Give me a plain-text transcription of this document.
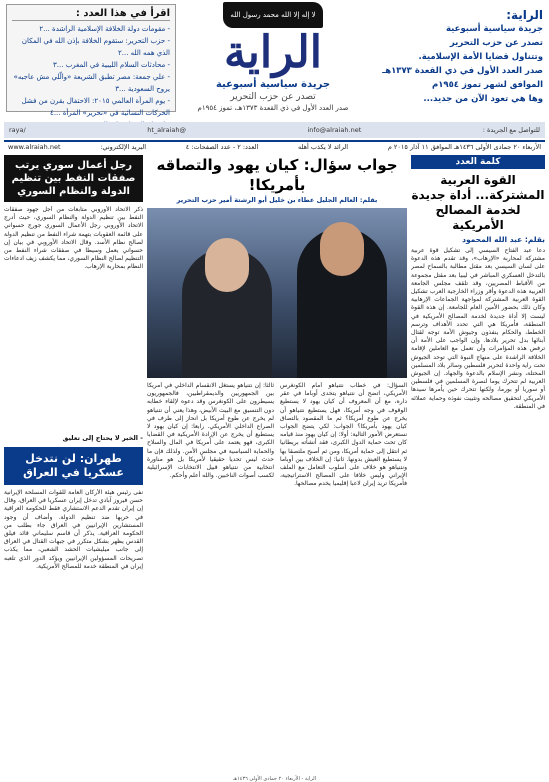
الراية:
جريدة سياسية أسبوعية
تصدر عن حزب التحرير
وتتناول قضايا الأمة الإسلامية.
صدر العدد الأول في ذي القعدة ١٣٧٣هـ
الموافق لشهر تموز ١٩٥٤م
وها هي تعود الآن من جديد...
لا إله إلا الله محمد رسول الله
الراية
جريدة سياسية أسبوعية
تصدر عن حزب التحرير
صدر العدد الأول في ذي القعدة ١٣٧٣هـ، تموز ١٩٥٤م
اقرأ في هذا العدد :
- مقومات دولة الخلافة الإسلامية الراشدة ...٢
- حزب التحرير: ستقوم الخلافة بإذن الله في المكان الذي همه الله ...٢
- محادثات السلام الليبية في المغرب ...٣
- علي جمعة: مصر تطبق الشريعة «والّلي مش عاجبه» يروح السعودية ...٣
- يوم المرأة العالمي ٢٠١٥: الاحتفال بقرن من فشل الحركات النسائية في «تحرير» المرأة ...٤
للتواصل مع الجريدة :
info@alraiah.net
@ht_alraiah
/raya
الأربعاء ٢٠ جمادى الأولى ١٤٣٦هـ الموافق ١١ آذار ٢٠١٥ م
الرائد لا يكذب أهله
العدد: ٢ - عدد الصفحات: ٤
البريد الإلكتروني:
www.alraiah.net
كلمة العدد
القوة العربية المشتركة... أداة جديدة لخدمة المصالح الأمريكية
بقلم: عبد الله المحمود
دعا عبد الفتاح السيسي إلى تشكيل قوة عربية مشتركة لمحاربة «الإرهاب»، وقد تقدم هذه الدعوة على لسان السيسي بعد مقتل مطالبة بالسماح لمصر بالتدخل العسكري المباشر في ليبيا بعد مقتل مجموعة من الأقباط المصريين، وقد تلقف مجلس الجامعة العربية هذه الدعوة وأقر وزراء الخارجية العرب تشكيل القوة العربية المشتركة لمواجهة الجماعات الإرهابية وكان ذلك بحضور الأمين العام للجامعة. إن هذه القوة ليست إلا أداة جديدة لخدمة المصالح الأمريكية في المنطقة، فأمريكا هي التي تحدد الأهداف وترسم الخطط، والحكام ينفذون وجيوش الأمة توجه لقتال أبنائها بدل تحرير بلادها. وإن الواجب على الأمة أن ترفض هذه المؤامرات وأن تعمل مع العاملين لإقامة الخلافة الراشدة على منهاج النبوة التي توحد الجيوش تحت راية واحدة لتحرير فلسطين وسائر بلاد المسلمين المحتلة، ونشر الإسلام بالدعوة والجهاد. إن الجيوش العربية لم تتحرك يوما لنصرة المسلمين في فلسطين أو سوريا أو بورما، ولكنها تتحرك حين يأمرها سيدها الأمريكي لتحقيق مصالحه وتثبيت نفوذه وحماية عملائه في المنطقة.
جواب سؤال: كيان يهود والتصاقه بأمريكا!
بقلم: العالم الجليل عطاء بن خليل أبو الرشتة أمير حزب التحرير
السؤال: في خطاب نتنياهو أمام الكونغرس الأمريكي، اتضح أن نتنياهو يتحدى أوباما في عقر داره، مع أن المعروف أن كيان يهود لا يستطيع الوقوف في وجه أمريكا، فهل يستطيع نتنياهو أن يخرج عن طوع أمريكا؟ ثم ما المقصود بالتصاق كيان يهود بأمريكا؟ الجواب: لكي يتضح الجواب نستعرض الأمور التالية: أولا: إن كيان يهود منذ قيامه كان تحت حماية الدول الكبرى، فقد أنشأته بريطانيا ثم انتقل إلى حماية أمريكا، ومن ثم أصبح ملتصقا بها لا يستطيع العيش بدونها. ثانيا: إن الخلاف بين أوباما ونتنياهو هو خلاف على أسلوب التعامل مع الملف الإيراني وليس خلافا على المصالح الاستراتيجية، فأمريكا تريد إيران لاعبا إقليميا يخدم مصالحها.
ثالثا: إن نتنياهو يستغل الانقسام الداخلي في أمريكا بين الجمهوريين والديمقراطيين، فالجمهوريون يسيطرون على الكونغرس وقد دعوه لإلقاء خطابه دون التنسيق مع البيت الأبيض، وهذا يعني أن نتنياهو لم يخرج عن طوع أمريكا بل انحاز إلى طرف في الصراع الداخلي الأمريكي. رابعا: إن كيان يهود لا يستطيع أن يخرج عن الإرادة الأمريكية في القضايا الكبرى، فهو يعتمد على أمريكا في المال والسلاح والحماية السياسية في مجلس الأمن. ولذلك فإن ما حدث ليس تحديا حقيقيا لأمريكا بل هو مناورة انتخابية من نتنياهو قبيل الانتخابات الإسرائيلية لكسب أصوات الناخبين. والله أعلم وأحكم.
رجل أعمال سوري يرتب صفقات النفط بين تنظيم الدولة والنظام السوري
ذكر الاتحاد الأوروبي متابعات من أجل جهود صفقات النفط بين تنظيم الدولة والنظام السوري، حيث أدرج الاتحاد الأوروبي رجل الأعمال السوري جورج حسواني على قائمة العقوبات بتهمة شراء النفط من تنظيم الدولة لصالح نظام الأسد. وقال الاتحاد الأوروبي في بيان إن حسواني يعمل وسيطا في صفقات شراء النفط من التنظيم لصالح النظام السوري، مما يكشف زيف ادعاءات النظام بمحاربة الإرهاب.
- الخبر لا يحتاج إلى تعليق
طهران: لن نتدخل عسكريا في العراق
نفى رئيس هيئة الأركان العامة للقوات المسلحة الإيرانية حسن فيروز آبادي تدخل إيران عسكريا في العراق، وقال إن إيران تقدم الدعم الاستشاري فقط للحكومة العراقية في حربها ضد تنظيم الدولة. وأضاف أن وجود المستشارين الإيرانيين في العراق جاء بطلب من الحكومة العراقية. يذكر أن قاسم سليماني قائد فيلق القدس يظهر بشكل متكرر في جبهات القتال في العراق إلى جانب ميليشيات الحشد الشعبي، مما يكذب تصريحات المسؤولين الإيرانيين ويؤكد الدور الذي تلعبه إيران في المنطقة خدمة للمصالح الأمريكية.
الراية - الأربعاء ٢٠ جمادى الأولى ١٤٣٦هـ
